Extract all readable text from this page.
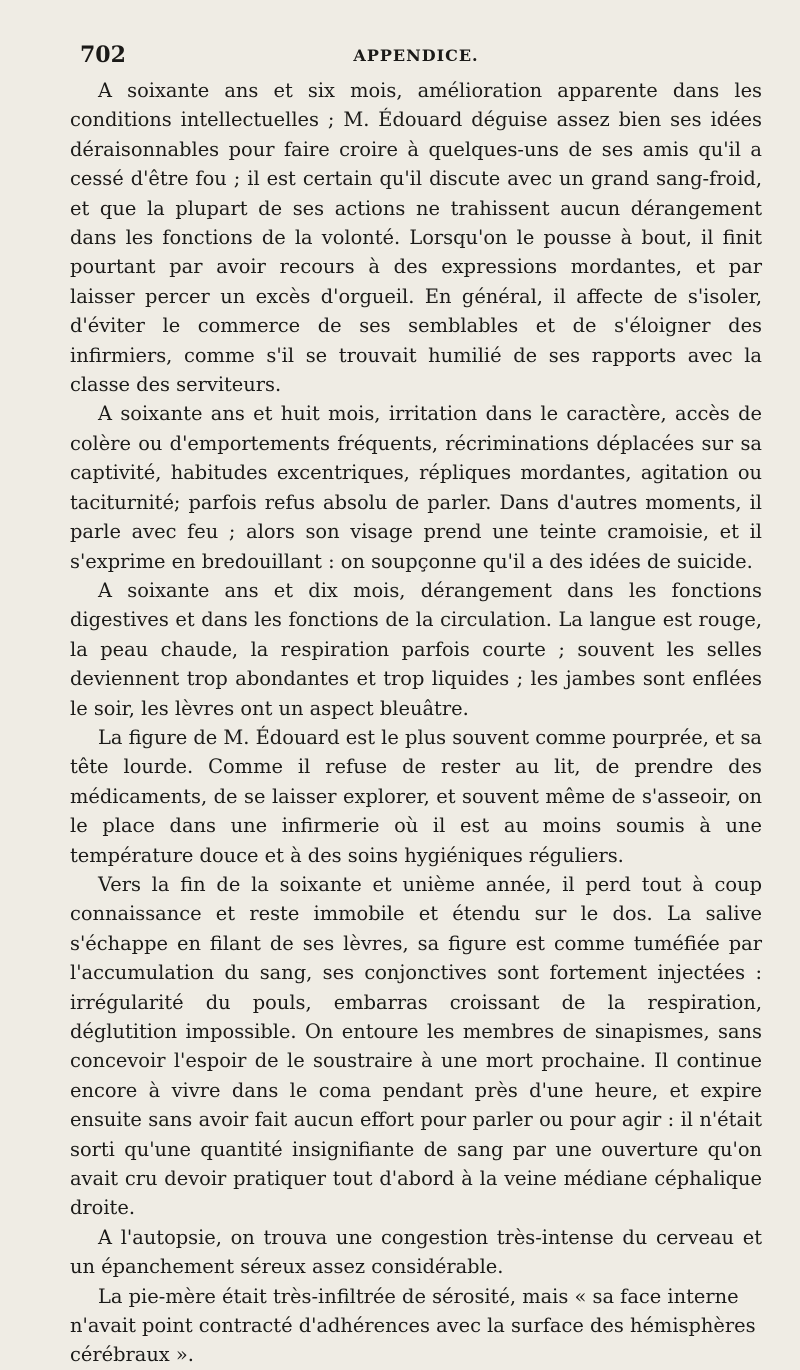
702	APPENDICE.

A soixante ans et six mois, amélioration apparente dans les conditions intellectuelles ; M. Édouard déguise assez bien ses idées déraisonnables pour faire croire à quelques-uns de ses amis qu'il a cessé d'être fou ; il est certain qu'il discute avec un grand sang-froid, et que la plupart de ses actions ne trahissent aucun dérangement dans les fonctions de la volonté. Lorsqu'on le pousse à bout, il finit pourtant par avoir recours à des expressions mordantes, et par laisser percer un excès d'orgueil. En général, il affecte de s'isoler, d'éviter le commerce de ses semblables et de s'éloigner des infirmiers, comme s'il se trouvait humilié de ses rapports avec la classe des serviteurs.

A soixante ans et huit mois, irritation dans le caractère, accès de colère ou d'emportements fréquents, récriminations déplacées sur sa captivité, habitudes excentriques, répliques mordantes, agitation ou taciturnité; parfois refus absolu de parler. Dans d'autres moments, il parle avec feu ; alors son visage prend une teinte cramoisie, et il s'exprime en bredouillant : on soupçonne qu'il a des idées de suicide.

A soixante ans et dix mois, dérangement dans les fonctions digestives et dans les fonctions de la circulation. La langue est rouge, la peau chaude, la respiration parfois courte ; souvent les selles deviennent trop abondantes et trop liquides ; les jambes sont enflées le soir, les lèvres ont un aspect bleuâtre.

La figure de M. Édouard est le plus souvent comme pourprée, et sa tête lourde. Comme il refuse de rester au lit, de prendre des médicaments, de se laisser explorer, et souvent même de s'asseoir, on le place dans une infirmerie où il est au moins soumis à une température douce et à des soins hygiéniques réguliers.

Vers la fin de la soixante et unième année, il perd tout à coup connaissance et reste immobile et étendu sur le dos. La salive s'échappe en filant de ses lèvres, sa figure est comme tuméfiée par l'accumulation du sang, ses conjonctives sont fortement injectées : irrégularité du pouls, embarras croissant de la respiration, déglutition impossible. On entoure les membres de sinapismes, sans concevoir l'espoir de le soustraire à une mort prochaine. Il continue encore à vivre dans le coma pendant près d'une heure, et expire ensuite sans avoir fait aucun effort pour parler ou pour agir : il n'était sorti qu'une quantité insignifiante de sang par une ouverture qu'on avait cru devoir pratiquer tout d'abord à la veine médiane céphalique droite.

A l'autopsie, on trouva une congestion très-intense du cerveau et un épanchement séreux assez considérable.

La pie-mère était très-infiltrée de sérosité, mais « sa face interne n'avait point contracté d'adhérences avec la surface des hémisphères cérébraux ».
